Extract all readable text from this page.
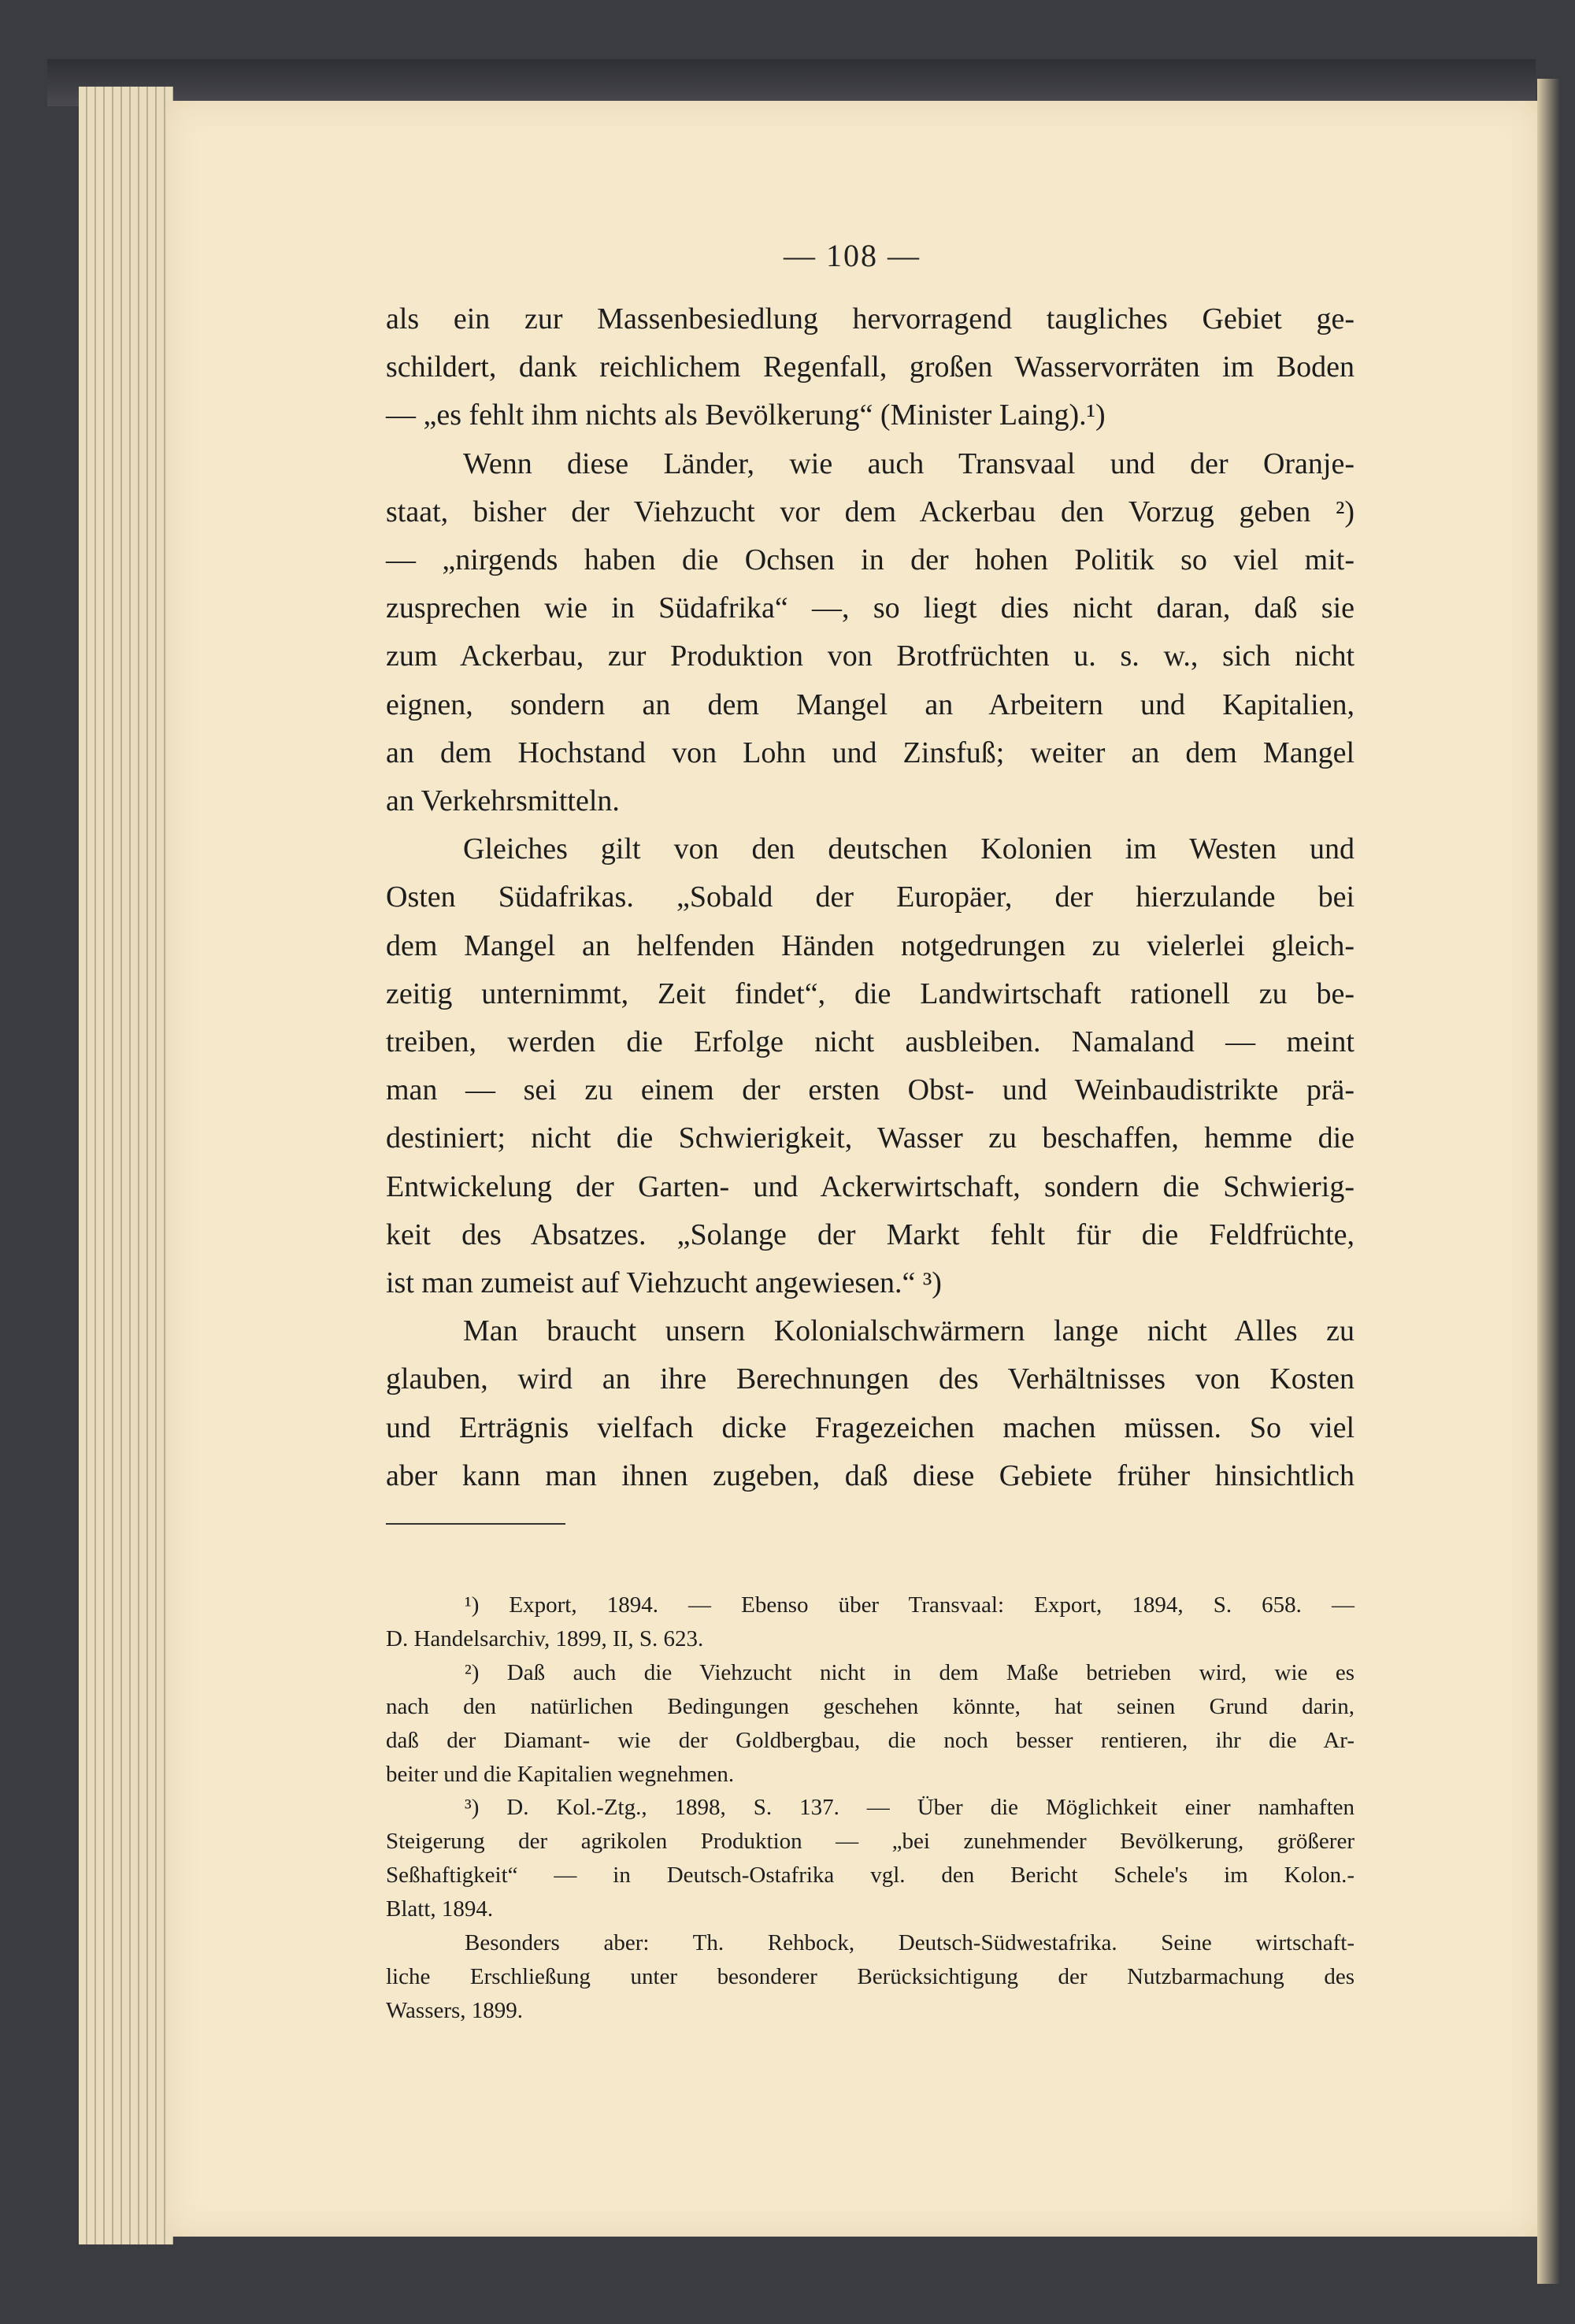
— 108 —
als ein zur Massenbesiedlung hervorragend taugliches Gebiet ge-
schildert, dank reichlichem Regenfall, großen Wasservorräten im Boden
— „es fehlt ihm nichts als Bevölkerung“ (Minister Laing).¹)
Wenn diese Länder, wie auch Transvaal und der Oranje-
staat, bisher der Viehzucht vor dem Ackerbau den Vorzug geben ²)
— „nirgends haben die Ochsen in der hohen Politik so viel mit-
zusprechen wie in Südafrika“ —, so liegt dies nicht daran, daß sie
zum Ackerbau, zur Produktion von Brotfrüchten u. s. w., sich nicht
eignen, sondern an dem Mangel an Arbeitern und Kapitalien,
an dem Hochstand von Lohn und Zinsfuß; weiter an dem Mangel
an Verkehrsmitteln.
Gleiches gilt von den deutschen Kolonien im Westen und
Osten Südafrikas. „Sobald der Europäer, der hierzulande bei
dem Mangel an helfenden Händen notgedrungen zu vielerlei gleich-
zeitig unternimmt, Zeit findet“, die Landwirtschaft rationell zu be-
treiben, werden die Erfolge nicht ausbleiben. Namaland — meint
man — sei zu einem der ersten Obst- und Weinbaudistrikte prä-
destiniert; nicht die Schwierigkeit, Wasser zu beschaffen, hemme die
Entwickelung der Garten- und Ackerwirtschaft, sondern die Schwierig-
keit des Absatzes. „Solange der Markt fehlt für die Feldfrüchte,
ist man zumeist auf Viehzucht angewiesen.“ ³)
Man braucht unsern Kolonialschwärmern lange nicht Alles zu
glauben, wird an ihre Berechnungen des Verhältnisses von Kosten
und Erträgnis vielfach dicke Fragezeichen machen müssen. So viel
aber kann man ihnen zugeben, daß diese Gebiete früher hinsichtlich
¹) Export, 1894. — Ebenso über Transvaal: Export, 1894, S. 658. —
D. Handelsarchiv, 1899, II, S. 623.
²) Daß auch die Viehzucht nicht in dem Maße betrieben wird, wie es
nach den natürlichen Bedingungen geschehen könnte, hat seinen Grund darin,
daß der Diamant- wie der Goldbergbau, die noch besser rentieren, ihr die Ar-
beiter und die Kapitalien wegnehmen.
³) D. Kol.-Ztg., 1898, S. 137. — Über die Möglichkeit einer namhaften
Steigerung der agrikolen Produktion — „bei zunehmender Bevölkerung, größerer
Seßhaftigkeit“ — in Deutsch-Ostafrika vgl. den Bericht Schele's im Kolon.-
Blatt, 1894.
Besonders aber: Th. Rehbock, Deutsch-Südwestafrika. Seine wirtschaft-
liche Erschließung unter besonderer Berücksichtigung der Nutzbarmachung des
Wassers, 1899.
